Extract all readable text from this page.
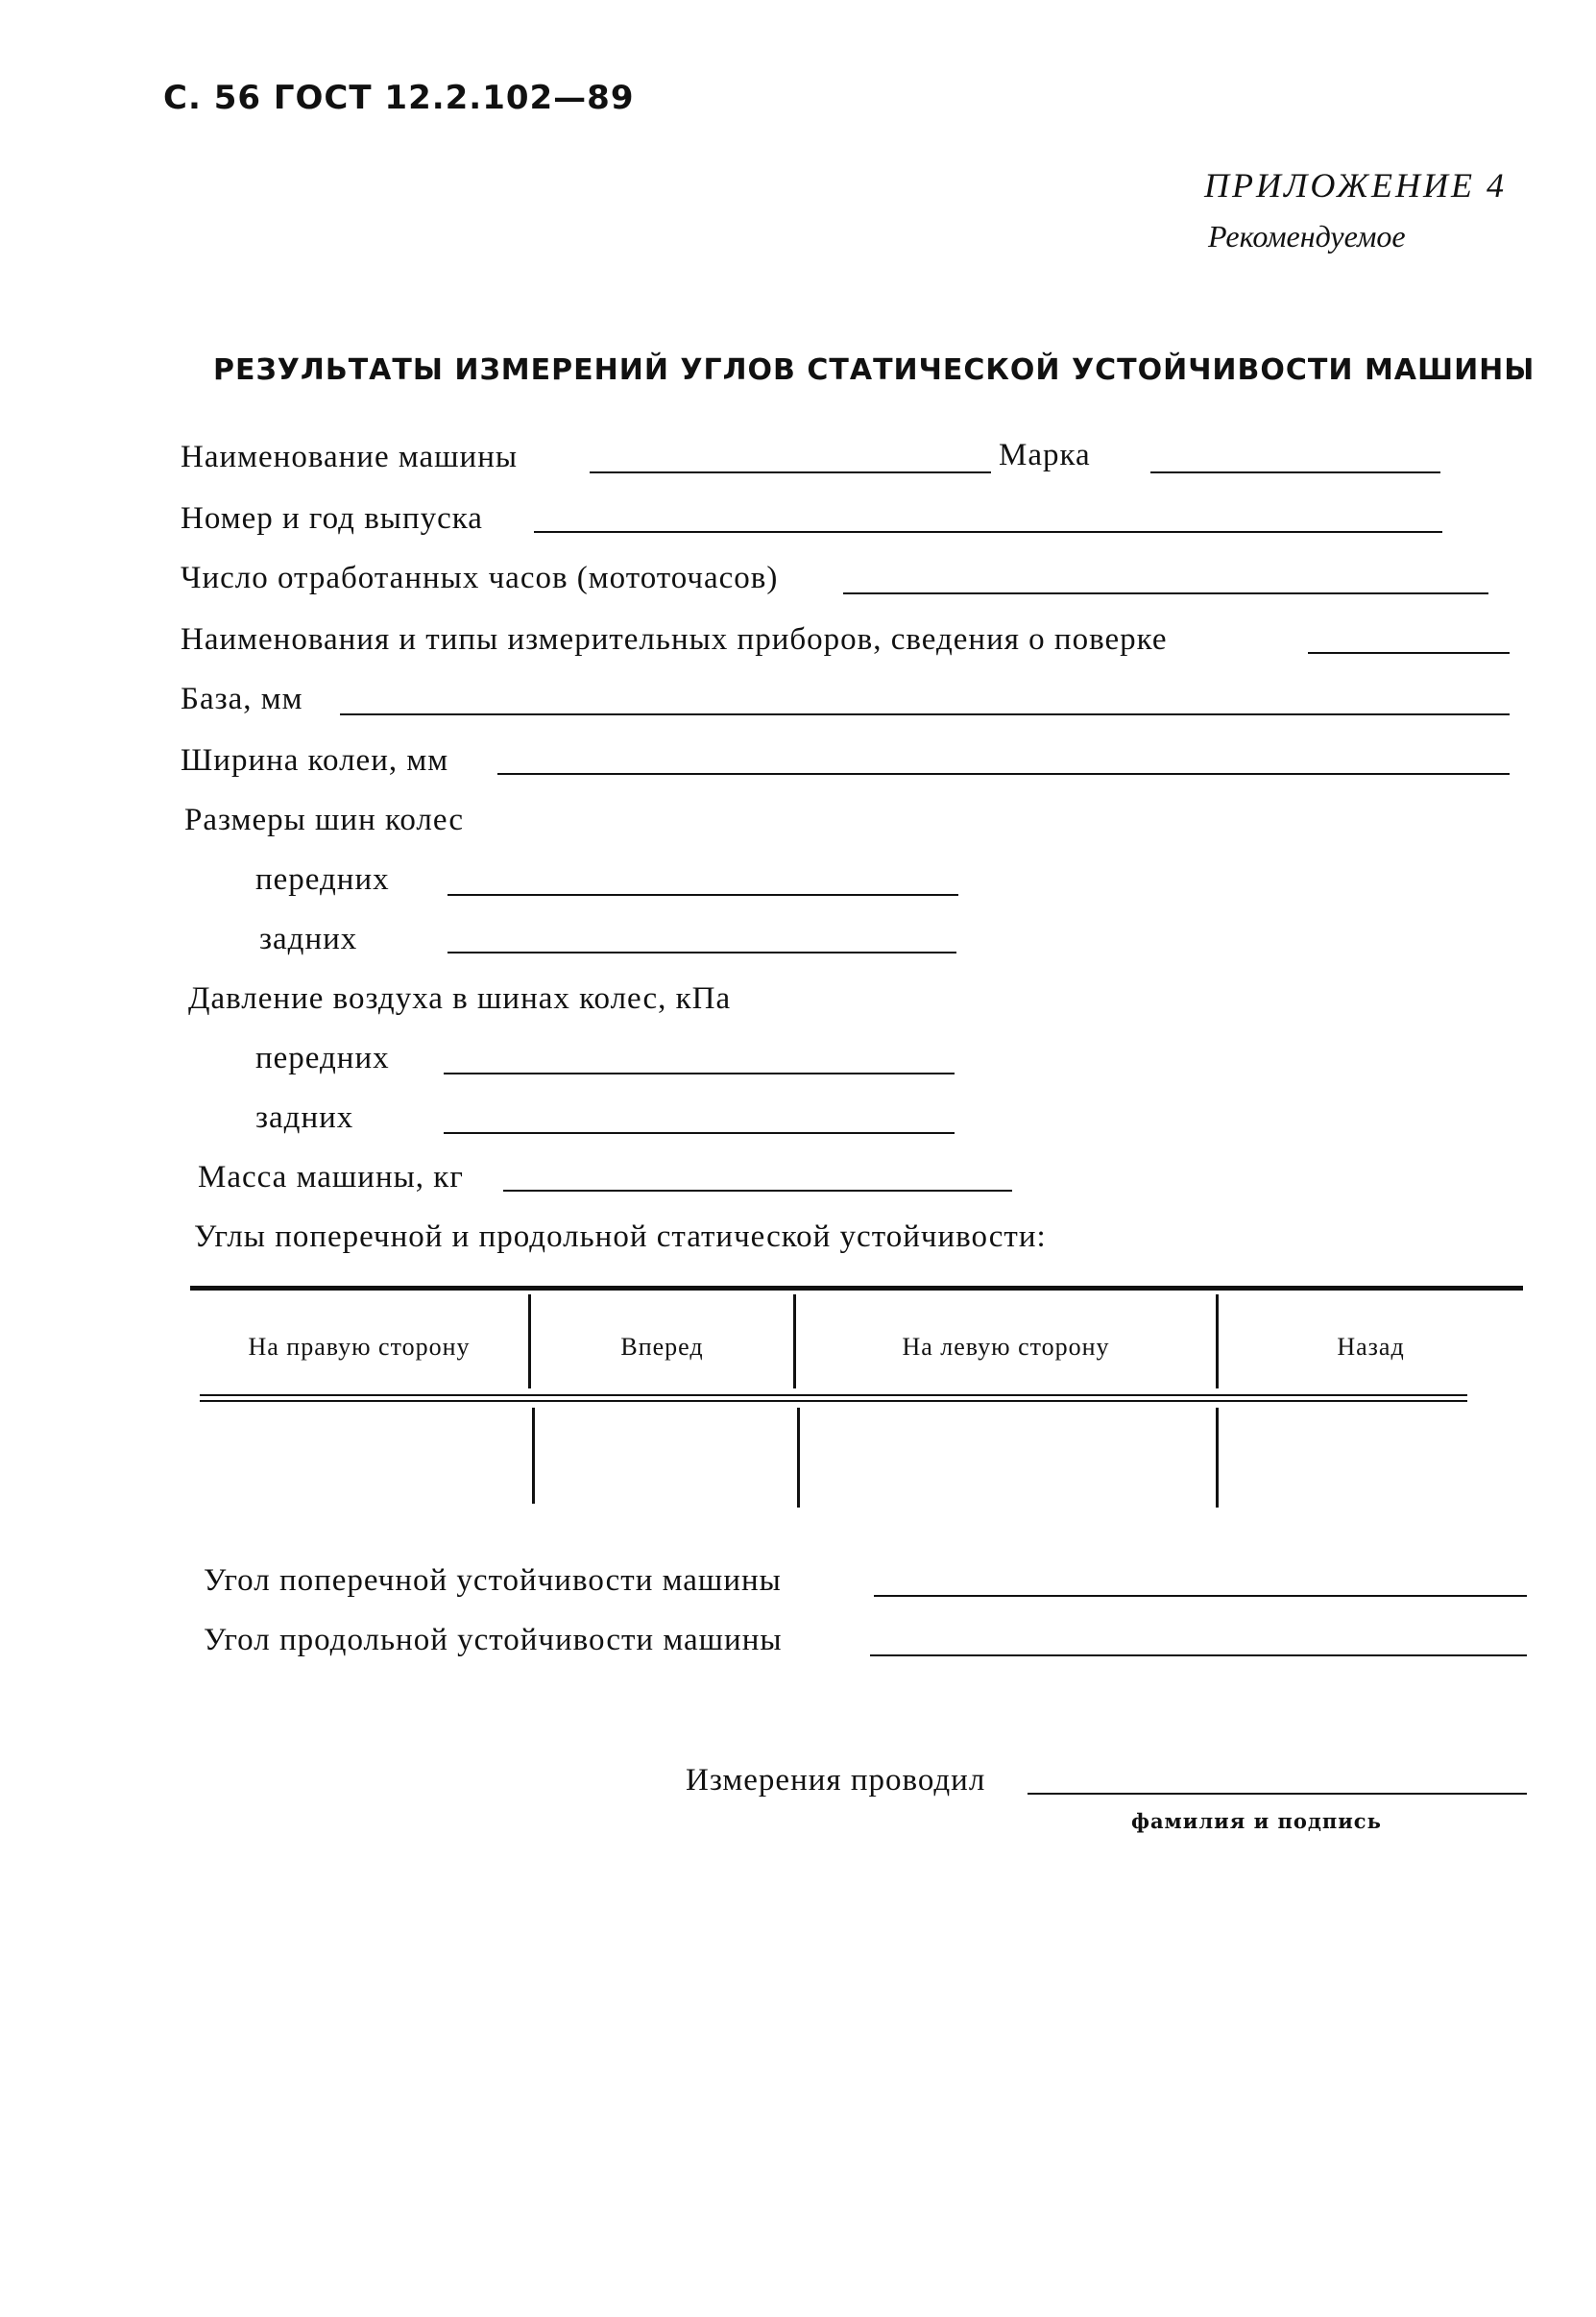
С. 56 ГОСТ 12.2.102—89
ПРИЛОЖЕНИЕ 4
Рекомендуемое
РЕЗУЛЬТАТЫ ИЗМЕРЕНИЙ УГЛОВ СТАТИЧЕСКОЙ УСТОЙЧИВОСТИ МАШИНЫ
Наименование машины	Марка
Номер и год выпуска
Число отработанных часов (мототочасов)
Наименования и типы измерительных приборов, сведения о поверке
База, мм
Ширина колеи, мм
Размеры шин колес
передних
задних
Давление воздуха в шинах колес, кПа
передних
задних
Масса машины, кг
Углы поперечной и продольной статической устойчивости:
На правую сторону	Вперед	На левую сторону	Назад
Угол поперечной устойчивости машины
Угол продольной устойчивости машины
Измерения проводил
фамилия и подпись
